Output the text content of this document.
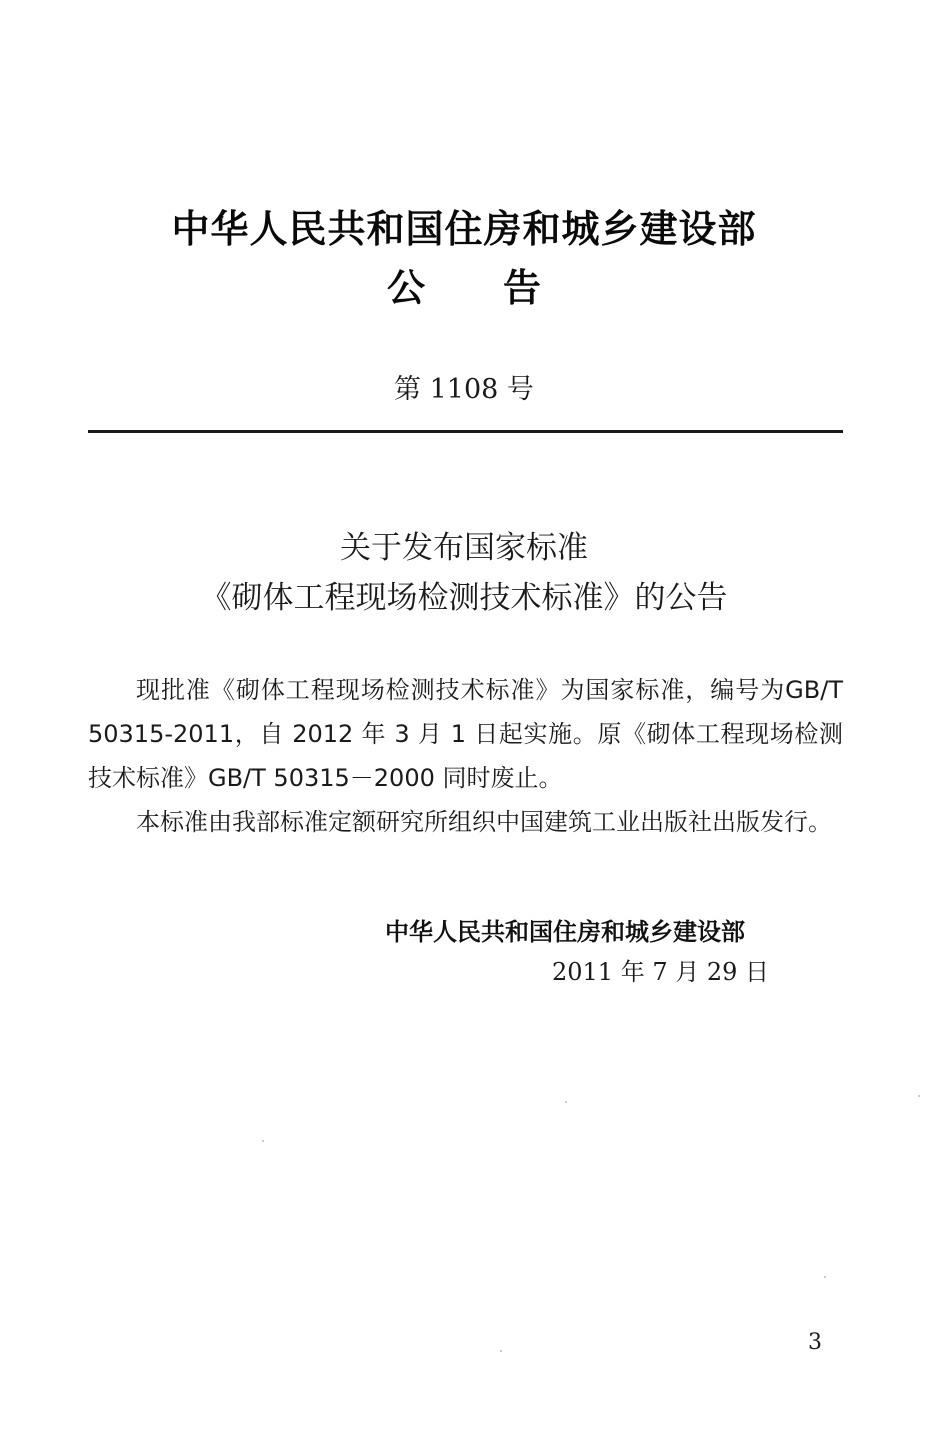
中华人民共和国住房和城乡建设部
公告
第 1108 号
关于发布国家标准
《砌体工程现场检测技术标准》的公告

现批准《砌体工程现场检测技术标准》为国家标准，编号为GB/T 50315-2011，自 2012 年 3 月 1 日起实施。原《砌体工程现场检测技术标准》GB/T 50315－2000 同时废止。

本标准由我部标准定额研究所组织中国建筑工业出版社出版发行。

中华人民共和国住房和城乡建设部
2011 年 7 月 29 日
3
